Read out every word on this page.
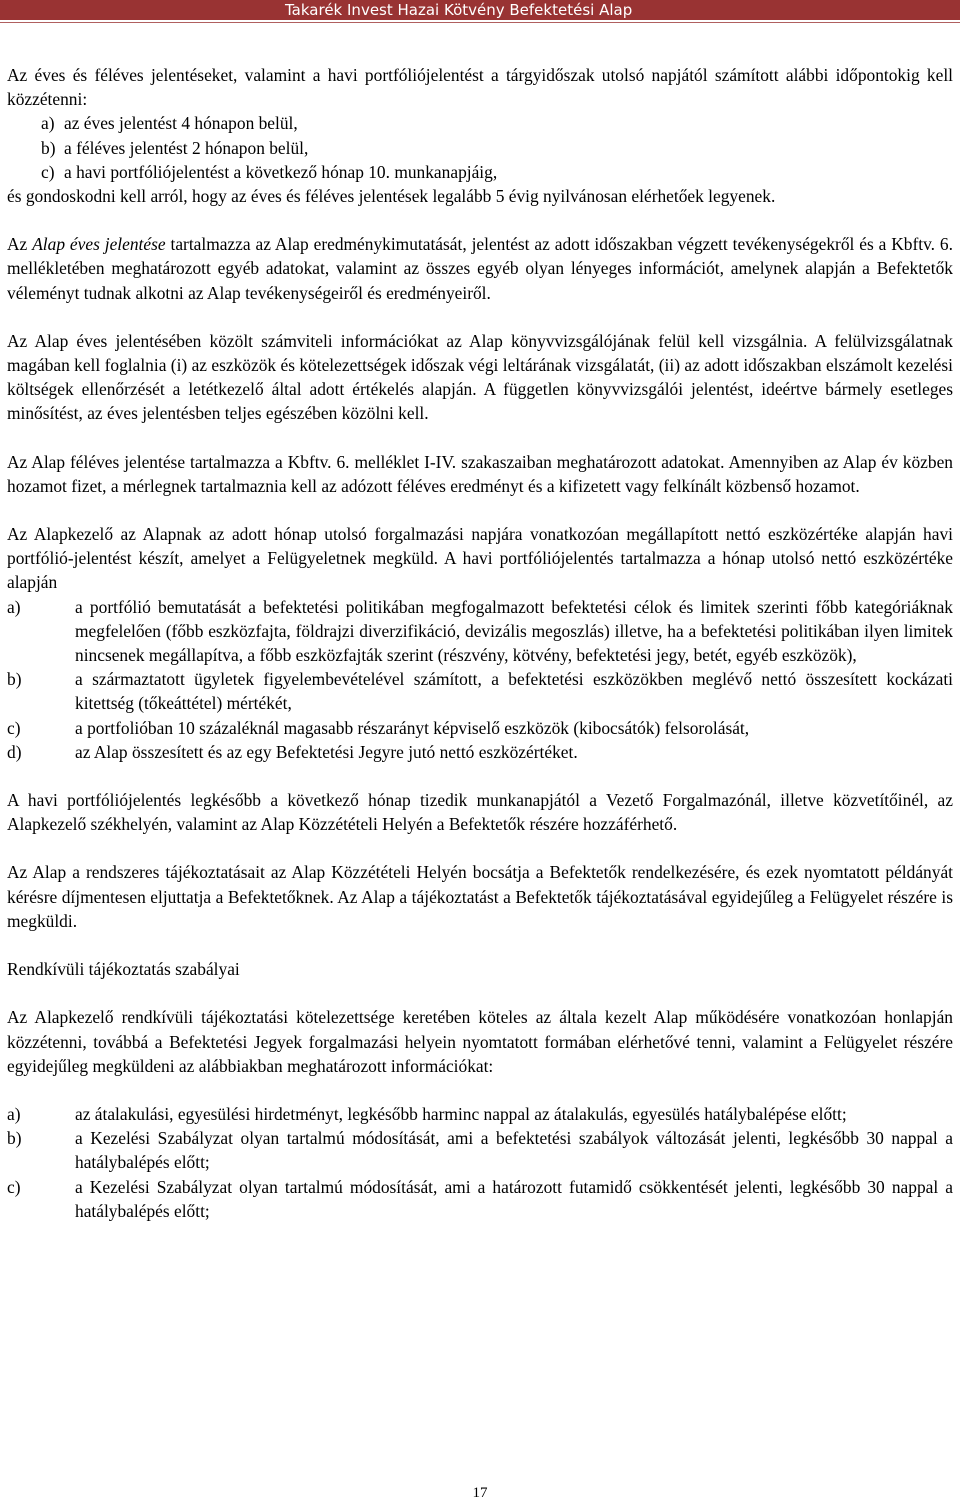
Takarék Invest Hazai Kötvény Befektetési Alap

Az éves és féléves jelentéseket, valamint a havi portfóliójelentést a tárgyidőszak utolsó napjától számított alábbi időpontokig kell közzétenni:

a) az éves jelentést 4 hónapon belül,
b) a féléves jelentést 2 hónapon belül,
c) a havi portfóliójelentést a következő hónap 10. munkanapjáig,

és gondoskodni kell arról, hogy az éves és féléves jelentések legalább 5 évig nyilvánosan elérhetőek legyenek.

Az Alap éves jelentése tartalmazza az Alap eredménykimutatását, jelentést az adott időszakban végzett tevékenységekről és a Kbftv. 6. mellékletében meghatározott egyéb adatokat, valamint az összes egyéb olyan lényeges információt, amelynek alapján a Befektetők véleményt tudnak alkotni az Alap tevékenységeiről és eredményeiről.

Az Alap éves jelentésében közölt számviteli információkat az Alap könyvvizsgálójának felül kell vizsgálnia. A felülvizsgálatnak magában kell foglalnia (i) az eszközök és kötelezettségek időszak végi leltárának vizsgálatát, (ii) az adott időszakban elszámolt kezelési költségek ellenőrzését a letétkezelő által adott értékelés alapján. A független könyvvizsgálói jelentést, ideértve bármely esetleges minősítést, az éves jelentésben teljes egészében közölni kell.

Az Alap féléves jelentése tartalmazza a Kbftv. 6. melléklet I-IV. szakaszaiban meghatározott adatokat. Amennyiben az Alap év közben hozamot fizet, a mérlegnek tartalmaznia kell az adózott féléves eredményt és a kifizetett vagy felkínált közbenső hozamot.

Az Alapkezelő az Alapnak az adott hónap utolsó forgalmazási napjára vonatkozóan megállapított nettó eszközértéke alapján havi portfólió-jelentést készít, amelyet a Felügyeletnek megküld. A havi portfóliójelentés tartalmazza a hónap utolsó nettó eszközértéke alapján

a)	a portfólió bemutatását a befektetési politikában megfogalmazott befektetési célok és limitek szerinti főbb kategóriáknak megfelelően (főbb eszközfajta, földrajzi diverzifikáció, devizális megoszlás) illetve, ha a befektetési politikában ilyen limitek nincsenek megállapítva, a főbb eszközfajták szerint (részvény, kötvény, befektetési jegy, betét, egyéb eszközök),
b)	a származtatott ügyletek figyelembevételével számított, a befektetési eszközökben meglévő nettó összesített kockázati kitettség (tőkeáttétel) mértékét,
c)	a portfolióban 10 százaléknál magasabb részarányt képviselő eszközök (kibocsátók) felsorolását,
d)	az Alap összesített és az egy Befektetési Jegyre jutó nettó eszközértéket.

A havi portfóliójelentés legkésőbb a következő hónap tizedik munkanapjától a Vezető Forgalmazónál, illetve közvetítőinél, az Alapkezelő székhelyén, valamint az Alap Közzétételi Helyén a Befektetők részére hozzáférhető.

Az Alap a rendszeres tájékoztatásait az Alap Közzétételi Helyén bocsátja a Befektetők rendelkezésére, és ezek nyomtatott példányát kérésre díjmentesen eljuttatja a Befektetőknek. Az Alap a tájékoztatást a Befektetők tájékoztatásával egyidejűleg a Felügyelet részére is megküldi.

Rendkívüli tájékoztatás szabályai

Az Alapkezelő rendkívüli tájékoztatási kötelezettsége keretében köteles az általa kezelt Alap működésére vonatkozóan honlapján közzétenni, továbbá a Befektetési Jegyek forgalmazási helyein nyomtatott formában elérhetővé tenni, valamint a Felügyelet részére egyidejűleg megküldeni az alábbiakban meghatározott információkat:

a)	az átalakulási, egyesülési hirdetményt, legkésőbb harminc nappal az átalakulás, egyesülés hatálybalépése előtt;
b)	a Kezelési Szabályzat olyan tartalmú módosítását, ami a befektetési szabályok változását jelenti, legkésőbb 30 nappal a hatálybalépés előtt;
c)	a Kezelési Szabályzat olyan tartalmú módosítását, ami a határozott futamidő csökkentését jelenti, legkésőbb 30 nappal a hatálybalépés előtt;
17
